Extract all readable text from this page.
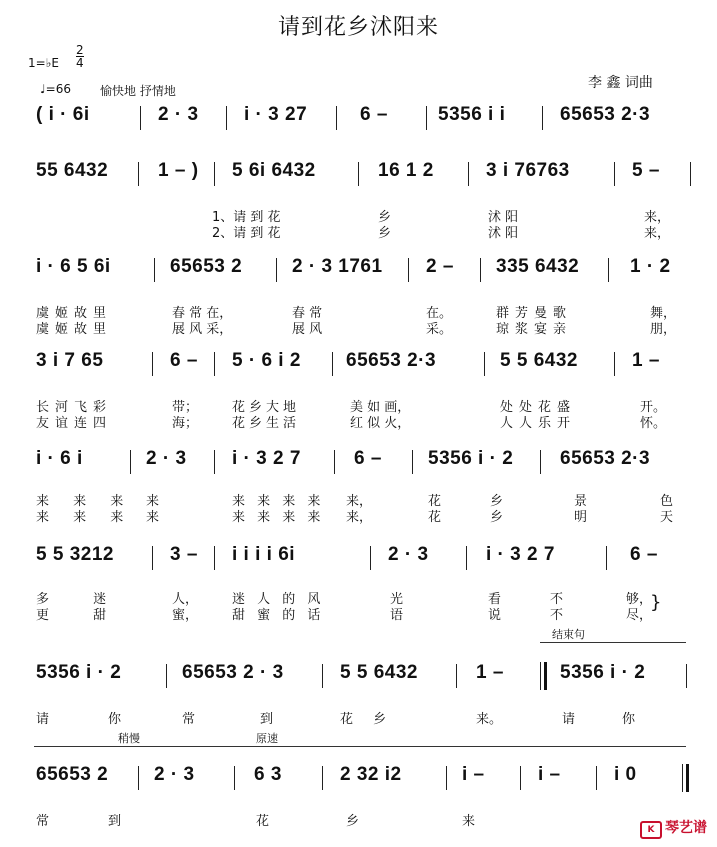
请到花乡沭阳来
1=♭E $\frac{2}{4}$
♩=66 愉快地 抒情地	李 鑫 词曲
( i · 6i	2 · 3 i · 3 27	6 –	5356 i i	65653 2·3
55 6432	1 – ) 5 6i 6432	16 1 2	3 i 76763	5 –
1、请 到 花	乡	沭 阳	来，
2、请 到 花	乡	沭 阳	来，
i · 6 5 6i	65653 2	2 · 3 1761 2 – 335 6432	1 · 2
虞姬故里	春 常 在，	春 常	在。	群芳曼歌	舞，
虞姬故里	展 风 采，	展 风	采。	琼浆宴亲	朋，
3 i 7 65	6 – 5 · 6 i 2 65653 2·3	5 5 6432	1 –
长河飞彩	带；	花乡大地	美 如 画，	处处花盛	开。
友谊连四	海；	花乡生活	红 似 火，	人人乐开	怀。
i · 6 i	2 · 3 i · 3 2 7	6 – 5356 i · 2 65653 2·3
来 来 来 来	来 来 来 来 来，	花	乡	景	色
来 来 来 来	来 来 来 来 来，	花	乡	明	天
5 5 3212	3 – i i i i 6i	2 · 3	i · 3 2 7	6 –
多 迷	人，	迷 人 的 风	光	看	不	够，
更 甜	蜜，	甜 蜜 的 话	语	说	不	尽，
}
结束句
5356 i · 2	65653 2 · 3	5 5 6432	1 –	5356 i · 2
请	你	常	到	花 乡	来。	请	你
稍慢	原速
65653 2 2 · 3	6 3	2 32 i2	i –	i –	i 0
常	到	花	乡	来
K 琴艺谱
